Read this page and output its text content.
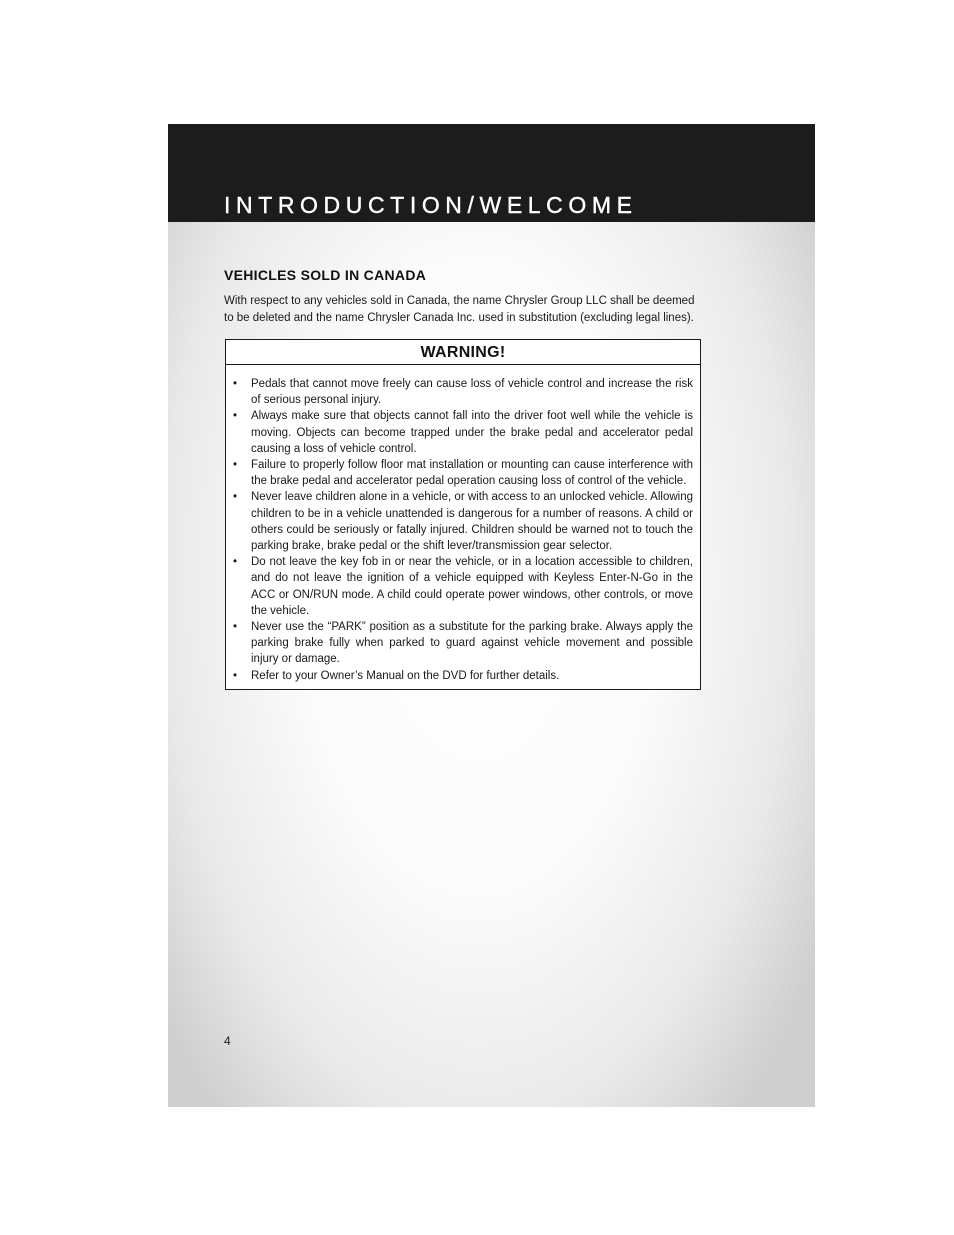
INTRODUCTION/WELCOME
VEHICLES SOLD IN CANADA
With respect to any vehicles sold in Canada, the name Chrysler Group LLC shall be deemed to be deleted and the name Chrysler Canada Inc. used in substitution (excluding legal lines).
WARNING!
• Pedals that cannot move freely can cause loss of vehicle control and increase the risk of serious personal injury.
• Always make sure that objects cannot fall into the driver foot well while the vehicle is moving. Objects can become trapped under the brake pedal and accelerator pedal causing a loss of vehicle control.
• Failure to properly follow floor mat installation or mounting can cause interference with the brake pedal and accelerator pedal operation causing loss of control of the vehicle.
• Never leave children alone in a vehicle, or with access to an unlocked vehicle. Allowing children to be in a vehicle unattended is dangerous for a number of reasons. A child or others could be seriously or fatally injured. Children should be warned not to touch the parking brake, brake pedal or the shift lever/transmission gear selector.
• Do not leave the key fob in or near the vehicle, or in a location accessible to children, and do not leave the ignition of a vehicle equipped with Keyless Enter-N-Go in the ACC or ON/RUN mode. A child could operate power windows, other controls, or move the vehicle.
• Never use the “PARK” position as a substitute for the parking brake. Always apply the parking brake fully when parked to guard against vehicle movement and possible injury or damage.
• Refer to your Owner’s Manual on the DVD for further details.
4
